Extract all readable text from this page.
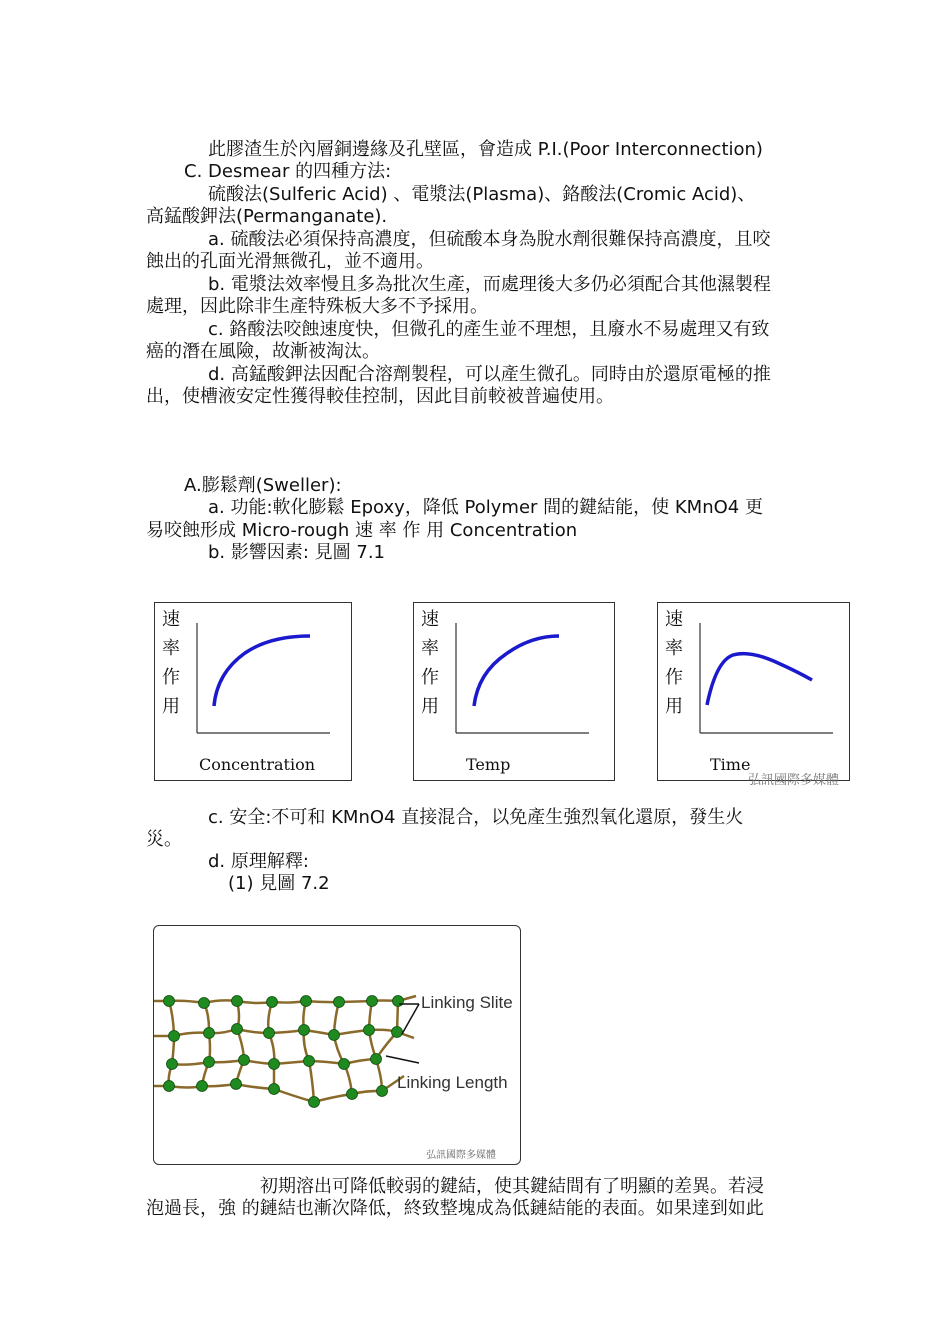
此膠渣生於內層銅邊緣及孔壁區，會造成 P.I.(Poor Interconnection)
C. Desmear 的四種方法:
硫酸法(Sulferic Acid) 、電漿法(Plasma)、鉻酸法(Cromic Acid)、
高錳酸鉀法(Permanganate).
a. 硫酸法必須保持高濃度，但硫酸本身為脫水劑很難保持高濃度，且咬
蝕出的孔面光滑無微孔，並不適用。
b. 電漿法效率慢且多為批次生產，而處理後大多仍必須配合其他濕製程
處理，因此除非生產特殊板大多不予採用。
c. 鉻酸法咬蝕速度快，但微孔的產生並不理想，且廢水不易處理又有致
癌的潛在風險，故漸被淘汰。
d. 高錳酸鉀法因配合溶劑製程，可以產生微孔。同時由於還原電極的推
出，使槽液安定性獲得較佳控制，因此目前較被普遍使用。
A.膨鬆劑(Sweller):
a. 功能:軟化膨鬆 Epoxy，降低 Polymer 間的鍵結能，使 KMnO4 更
易咬蝕形成 Micro-rough 速 率 作 用 Concentration
b. 影響因素: 見圖 7.1
速
率
作
用
Concentration
速
率
作
用
Temp
速
率
作
用
Time
弘訊國際多媒體
c. 安全:不可和 KMnO4 直接混合，以免產生強烈氧化還原，發生火
災。
d. 原理解釋:
(1) 見圖 7.2
Linking Slite
Linking Length
弘訊國際多媒體
初期溶出可降低較弱的鍵結，使其鍵結間有了明顯的差異。若浸
泡過長，強 的鏈結也漸次降低，終致整塊成為低鏈結能的表面。如果達到如此
